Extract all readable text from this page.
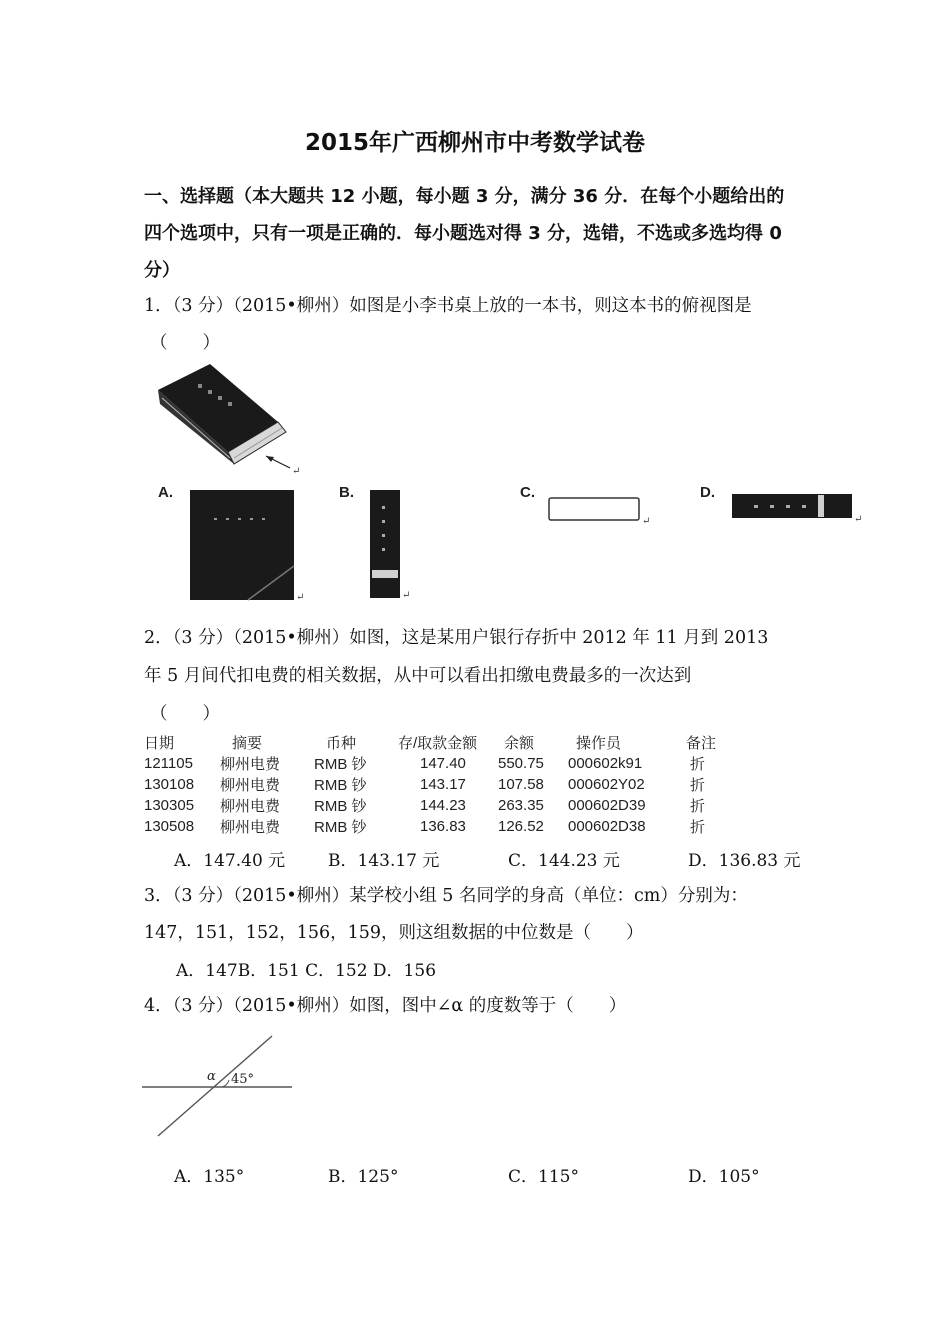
2015年广西柳州市中考数学试卷
一、选择题（本大题共 12 小题，每小题 3 分，满分 36 分．在每个小题给出的
四个选项中，只有一项是正确的．每小题选对得 3 分，选错，不选或多选均得 0
分）
1．（3 分）（2015•柳州）如图是小李书桌上放的一本书，则这本书的俯视图是
（　　）
↵
A.
↵
B.
↵
C.
↵
D.
↵
2．（3 分）（2015•柳州）如图，这是某用户银行存折中 2012 年 11 月到 2013
年 5 月间代扣电费的相关数据，从中可以看出扣缴电费最多的一次达到
（　　）
日期	摘要	币种	存/取款金额	余额	操作员	备注
121105	柳州电费	RMB 钞	147.40	550.75	000602k91	折
130108	柳州电费	RMB 钞	143.17	107.58	000602Y02	折
130305	柳州电费	RMB 钞	144.23	263.35	000602D39	折
130508	柳州电费	RMB 钞	136.83	126.52	000602D38	折
A．147.40 元	B．143.17 元	C．144.23 元	D．136.83 元
3．（3 分）（2015•柳州）某学校小组 5 名同学的身高（单位：cm）分别为：
147，151，152，156，159，则这组数据的中位数是（　　）
A．147B．151 C．152 D．156
4．（3 分）（2015•柳州）如图，图中∠α 的度数等于（　　）
α 45°
A．135°	B．125°	C．115°	D．105°
